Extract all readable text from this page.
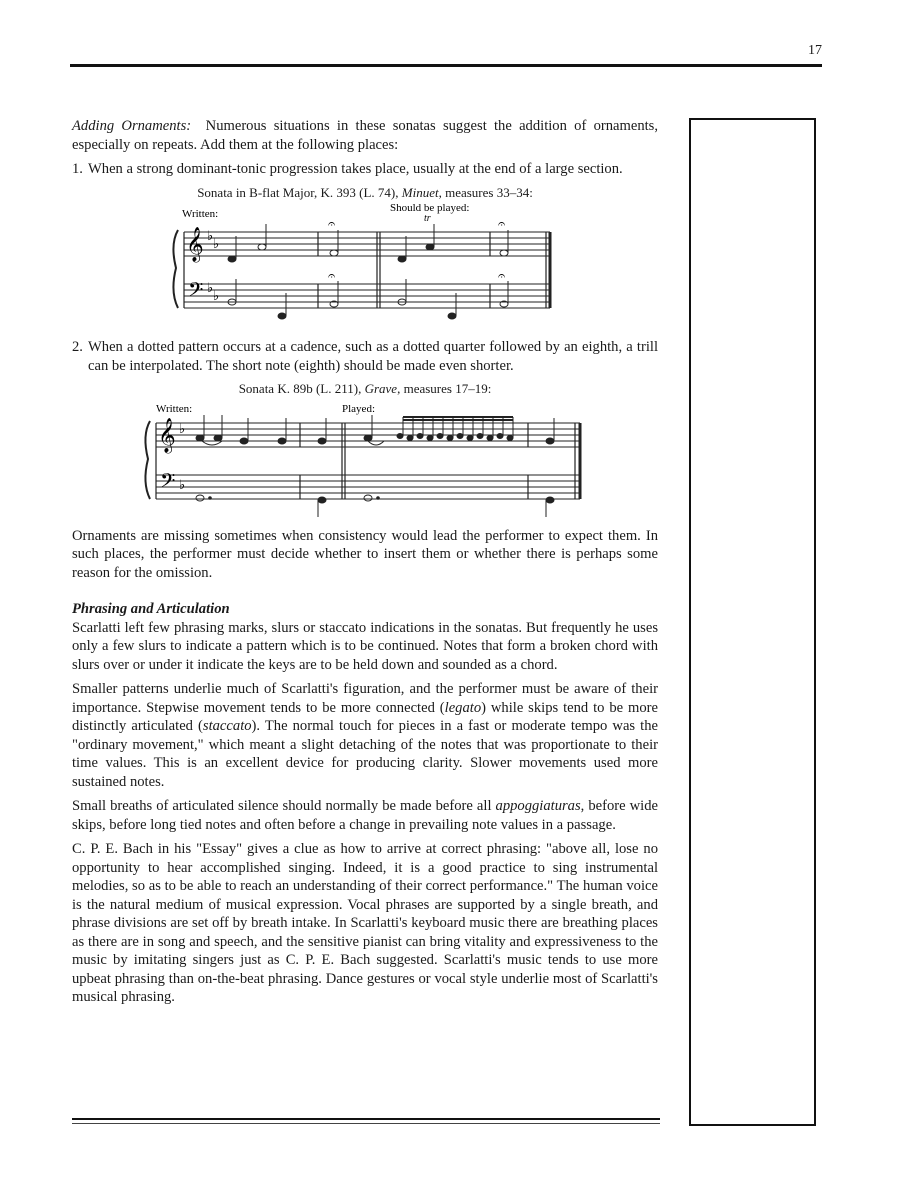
17

Adding Ornaments: Numerous situations in these sonatas suggest the addition of ornaments, especially on repeats. Add them at the following places:

1. When a strong dominant-tonic progression takes place, usually at the end of a large section.
Sonata in B-flat Major, K. 393 (L. 74), Minuet, measures 33–34:
Written:	Should be played:
𝄞
𝄢
♭
♭
♭
♭
𝄐	𝄐
𝄐	𝄐
tr
2. When a dotted pattern occurs at a cadence, such as a dotted quarter followed by an eighth, a trill can be interpolated. The short note (eighth) should be made even shorter.
Sonata K. 89b (L. 211), Grave, measures 17–19:
Written:	Played:
𝄞
𝄢
♭
♭

Ornaments are missing sometimes when consistency would lead the performer to expect them. In such places, the performer must decide whether to insert them or whether there is perhaps some reason for the omission.

Phrasing and Articulation

Scarlatti left few phrasing marks, slurs or staccato indications in the sonatas. But frequently he uses only a few slurs to indicate a pattern which is to be continued. Notes that form a broken chord with slurs over or under it indicate the keys are to be held down and sounded as a chord.

Smaller patterns underlie much of Scarlatti's figuration, and the performer must be aware of their importance. Stepwise movement tends to be more connected (legato) while skips tend to be more distinctly articulated (staccato). The normal touch for pieces in a fast or moderate tempo was the "ordinary movement," which meant a slight detaching of the notes that was proportionate to their time values. This is an excellent device for producing clarity. Slower movements used more sustained notes.

Small breaths of articulated silence should normally be made before all appoggiaturas, before wide skips, before long tied notes and often before a change in prevailing note values in a passage.

C. P. E. Bach in his "Essay" gives a clue as how to arrive at correct phrasing: "above all, lose no opportunity to hear accomplished singing. Indeed, it is a good practice to sing instrumental melodies, so as to be able to reach an understanding of their correct performance." The human voice is the natural medium of musical expression. Vocal phrases are supported by a single breath, and phrase divisions are set off by breath intake. In Scarlatti's keyboard music there are breathing places as there are in song and speech, and the sensitive pianist can bring vitality and expressiveness to the music by imitating singers just as C. P. E. Bach suggested. Scarlatti's music tends to use more upbeat phrasing than on-the-beat phrasing. Dance gestures or vocal style underlie most of Scarlatti's musical phrasing.
